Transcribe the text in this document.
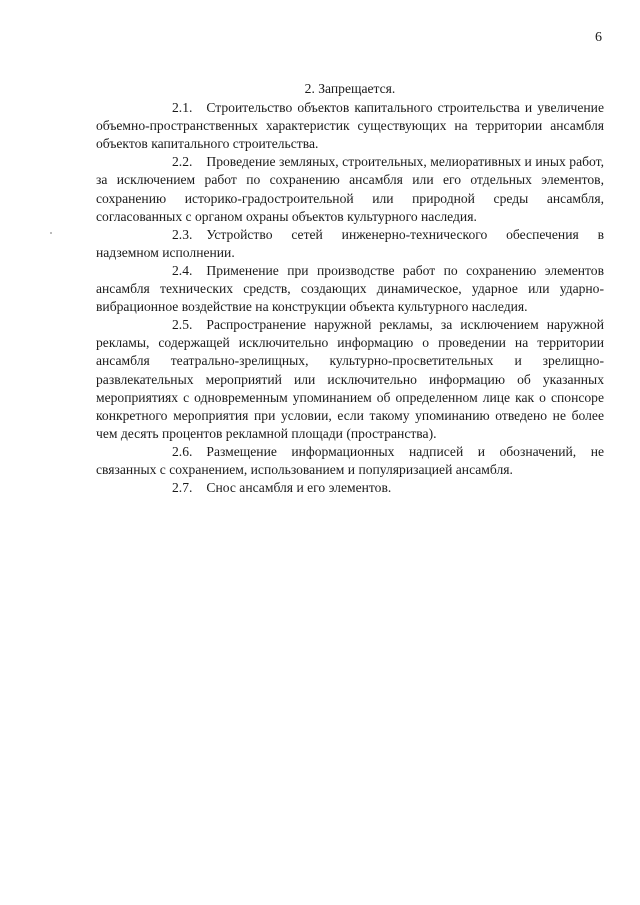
6

2. Запрещается.

2.1. Строительство объектов капитального строительства и увеличение объемно-пространственных характеристик существующих на территории ансамбля объектов капитального строительства.

2.2. Проведение земляных, строительных, мелиоративных и иных работ, за исключением работ по сохранению ансамбля или его отдельных элементов, сохранению историко-градостроительной или природной среды ансамбля, согласованных с органом охраны объектов культурного наследия.

2.3. Устройство сетей инженерно-технического обеспечения в надземном исполнении.

2.4. Применение при производстве работ по сохранению элементов ансамбля технических средств, создающих динамическое, ударное или ударно-вибрационное воздействие на конструкции объекта культурного наследия.

2.5. Распространение наружной рекламы, за исключением наружной рекламы, содержащей исключительно информацию о проведении на территории ансамбля театрально-зрелищных, культурно-просветительных и зрелищно-развлекательных мероприятий или исключительно информацию об указанных мероприятиях с одновременным упоминанием об определенном лице как о спонсоре конкретного мероприятия при условии, если такому упоминанию отведено не более чем десять процентов рекламной площади (пространства).

2.6. Размещение информационных надписей и обозначений, не связанных с сохранением, использованием и популяризацией ансамбля.

2.7. Снос ансамбля и его элементов.
